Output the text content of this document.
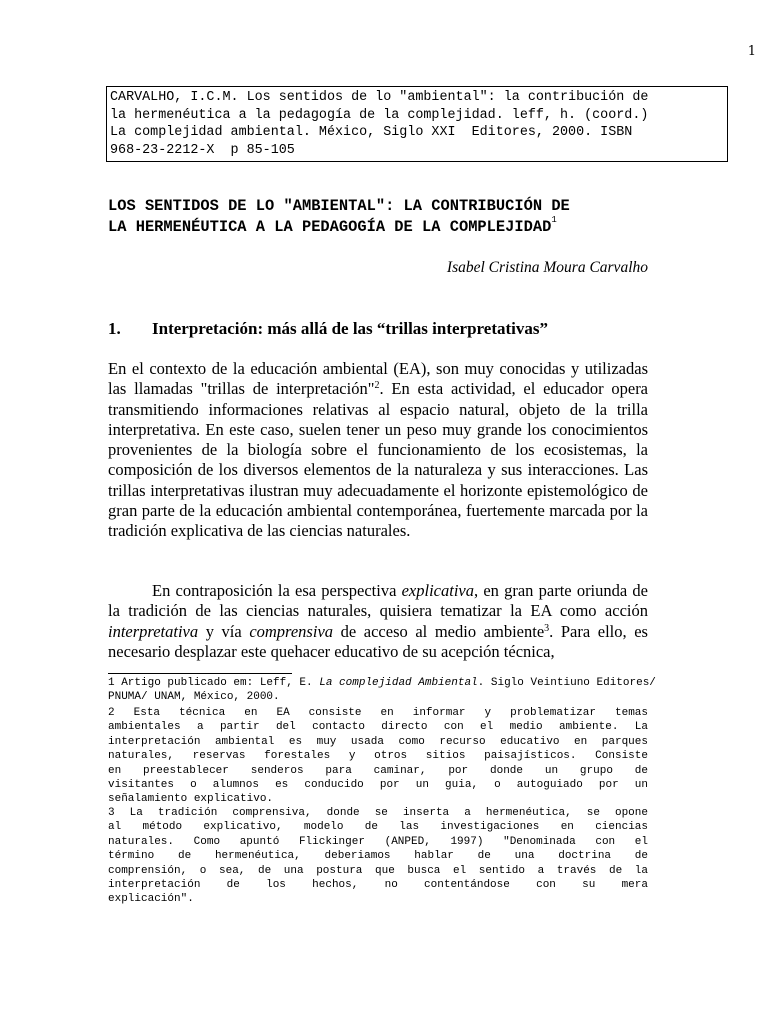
1
CARVALHO, I.C.M. Los sentidos de lo "ambiental": la contribución de
la hermenéutica a la pedagogía de la complejidad. leff, h. (coord.)
La complejidad ambiental. México, Siglo XXI  Editores, 2000. ISBN
968-23-2212-X  p 85-105
LOS SENTIDOS DE LO "AMBIENTAL": LA CONTRIBUCIÓN DE
LA HERMENÉUTICA A LA PEDAGOGÍA DE LA COMPLEJIDAD$^1$
Isabel Cristina Moura Carvalho
1. Interpretación: más allá de las “trillas interpretativas”
En el contexto de la educación ambiental (EA), son muy conocidas y utilizadas las llamadas "trillas de interpretación"$^2$. En esta actividad, el educador opera transmitiendo informaciones relativas al espacio natural, objeto de la trilla interpretativa. En este caso, suelen tener un peso muy grande los conocimientos provenientes de la biología sobre el funcionamiento de los ecosistemas, la composición de los diversos elementos de la naturaleza y sus interacciones. Las trillas interpretativas ilustran muy adecuadamente el horizonte epistemológico de gran parte de la educación ambiental contemporánea, fuertemente marcada por la tradición explicativa de las ciencias naturales.
En contraposición la esa perspectiva explicativa, en gran parte oriunda de la tradición de las ciencias naturales, quisiera tematizar la EA como acción interpretativa y vía comprensiva de acceso al medio ambiente$^3$. Para ello, es necesario desplazar este quehacer educativo de su acepción técnica,
1 Artigo publicado em: Leff, E. La complejidad Ambiental. Siglo Veintiuno Editores/
PNUMA/ UNAM, México, 2000.
2 Esta técnica en EA consiste en informar y problematizar temas
ambientales a partir del contacto directo con el medio ambiente. La
interpretación ambiental es muy usada como recurso educativo en parques
naturales, reservas forestales y otros sitios paisajísticos. Consiste
en preestablecer senderos para caminar, por donde un grupo de
visitantes o alumnos es conducido por un guia, o autoguiado por un
señalamiento explicativo.
3 La tradición comprensiva, donde se inserta a hermenéutica, se opone
al método explicativo, modelo de las investigaciones en ciencias
naturales. Como apuntó Flickinger (ANPED, 1997) "Denominada con el
término de hermenéutica, deberiamos hablar de una doctrina de
comprensión, o sea, de una postura que busca el sentido a través de la
interpretación de los hechos, no contentándose con su mera
explicación".
